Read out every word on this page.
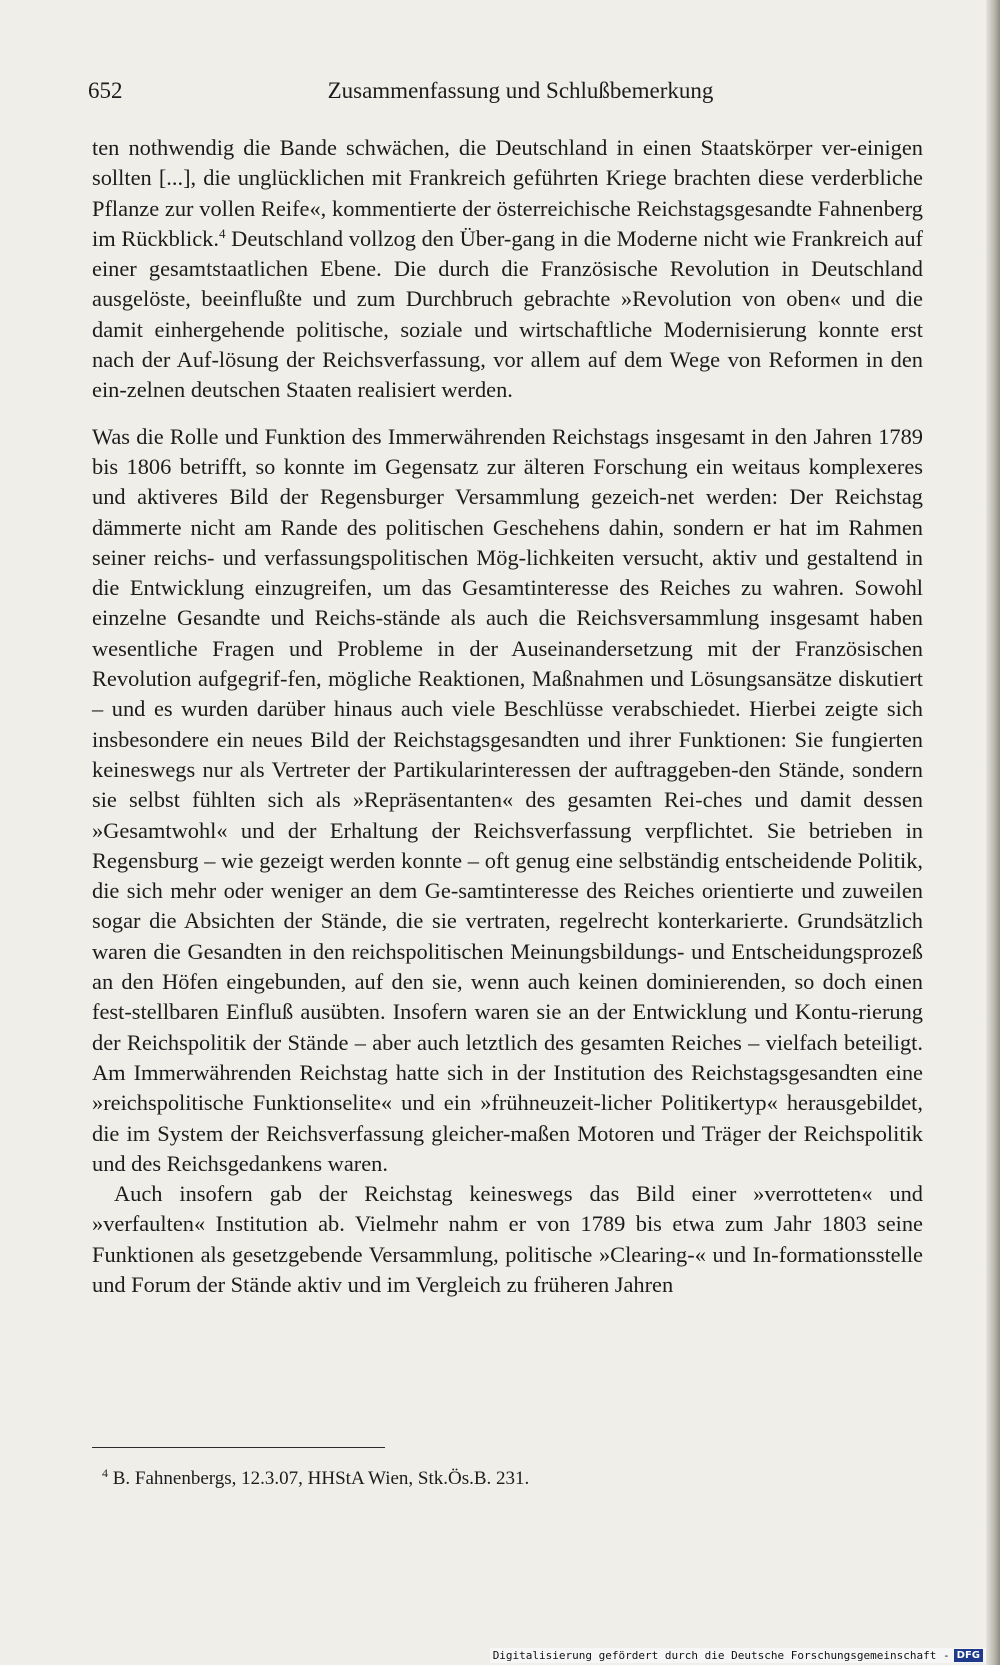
652	Zusammenfassung und Schlußbemerkung

ten nothwendig die Bande schwächen, die Deutschland in einen Staatskörper ver-einigen sollten [...], die unglücklichen mit Frankreich geführten Kriege brachten diese verderbliche Pflanze zur vollen Reife«, kommentierte der österreichische Reichstagsgesandte Fahnenberg im Rückblick.$^4$ Deutschland vollzog den Über-gang in die Moderne nicht wie Frankreich auf einer gesamtstaatlichen Ebene. Die durch die Französische Revolution in Deutschland ausgelöste, beeinflußte und zum Durchbruch gebrachte »Revolution von oben« und die damit einhergehende politische, soziale und wirtschaftliche Modernisierung konnte erst nach der Auf-lösung der Reichsverfassung, vor allem auf dem Wege von Reformen in den ein-zelnen deutschen Staaten realisiert werden.

Was die Rolle und Funktion des Immerwährenden Reichstags insgesamt in den Jahren 1789 bis 1806 betrifft, so konnte im Gegensatz zur älteren Forschung ein weitaus komplexeres und aktiveres Bild der Regensburger Versammlung gezeich-net werden: Der Reichstag dämmerte nicht am Rande des politischen Geschehens dahin, sondern er hat im Rahmen seiner reichs- und verfassungspolitischen Mög-lichkeiten versucht, aktiv und gestaltend in die Entwicklung einzugreifen, um das Gesamtinteresse des Reiches zu wahren. Sowohl einzelne Gesandte und Reichs-stände als auch die Reichsversammlung insgesamt haben wesentliche Fragen und Probleme in der Auseinandersetzung mit der Französischen Revolution aufgegrif-fen, mögliche Reaktionen, Maßnahmen und Lösungsansätze diskutiert – und es wurden darüber hinaus auch viele Beschlüsse verabschiedet. Hierbei zeigte sich insbesondere ein neues Bild der Reichstagsgesandten und ihrer Funktionen: Sie fungierten keineswegs nur als Vertreter der Partikularinteressen der auftraggeben-den Stände, sondern sie selbst fühlten sich als »Repräsentanten« des gesamten Rei-ches und damit dessen »Gesamtwohl« und der Erhaltung der Reichsverfassung verpflichtet. Sie betrieben in Regensburg – wie gezeigt werden konnte – oft genug eine selbständig entscheidende Politik, die sich mehr oder weniger an dem Ge-samtinteresse des Reiches orientierte und zuweilen sogar die Absichten der Stände, die sie vertraten, regelrecht konterkarierte. Grundsätzlich waren die Gesandten in den reichspolitischen Meinungsbildungs- und Entscheidungsprozeß an den Höfen eingebunden, auf den sie, wenn auch keinen dominierenden, so doch einen fest-stellbaren Einfluß ausübten. Insofern waren sie an der Entwicklung und Kontu-rierung der Reichspolitik der Stände – aber auch letztlich des gesamten Reiches – vielfach beteiligt. Am Immerwährenden Reichstag hatte sich in der Institution des Reichstagsgesandten eine »reichspolitische Funktionselite« und ein »frühneuzeit-licher Politikertyp« herausgebildet, die im System der Reichsverfassung gleicher-maßen Motoren und Träger der Reichspolitik und des Reichsgedankens waren.

Auch insofern gab der Reichstag keineswegs das Bild einer »verrotteten« und »verfaulten« Institution ab. Vielmehr nahm er von 1789 bis etwa zum Jahr 1803 seine Funktionen als gesetzgebende Versammlung, politische »Clearing-« und In-formationsstelle und Forum der Stände aktiv und im Vergleich zu früheren Jahren

$^4$ B. Fahnenbergs, 12.3.07, HHStA Wien, Stk.Ös.B. 231.
Digitalisierung gefördert durch die Deutsche Forschungsgemeinschaft - DFG
